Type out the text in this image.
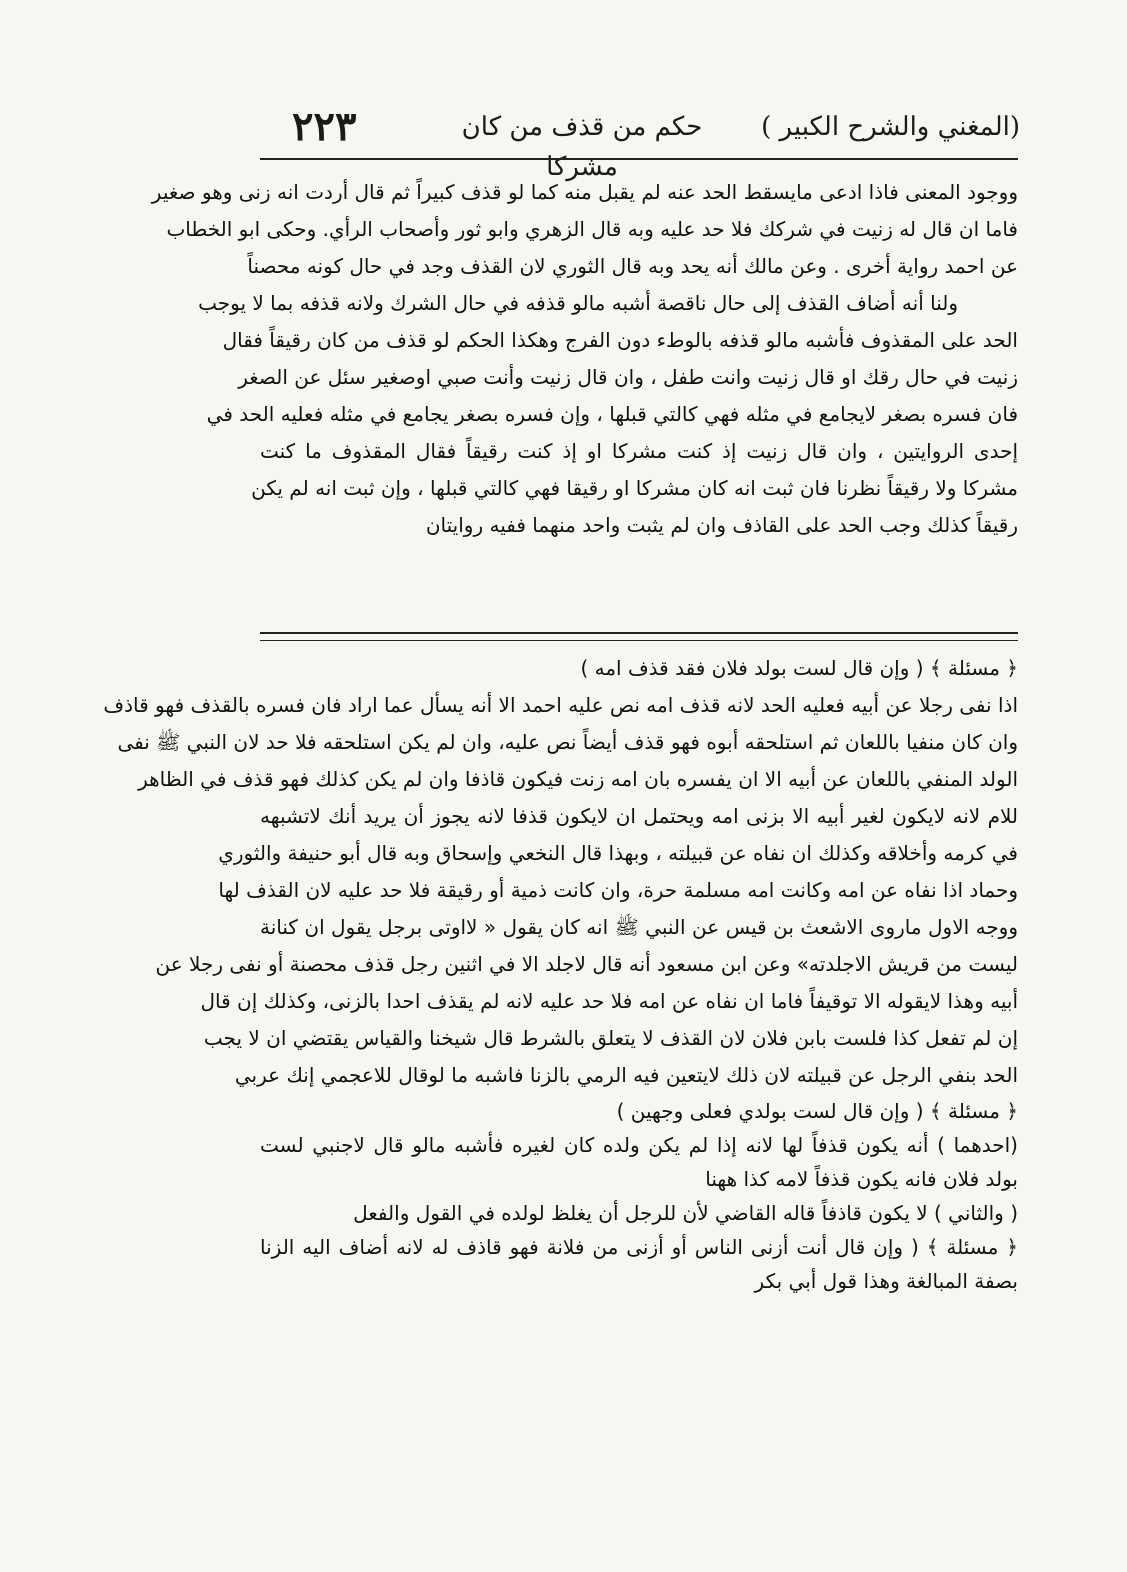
٢٢٣	حكم من قذف من كان مشركا
(المغني والشرح الكبير )
ووجود المعنى فاذا ادعى مايسقط الحد عنه لم يقبل منه كما لو قذف كبيراً ثم قال أردت انه زنى وهو صغير
فاما ان قال له زنيت في شركك فلا حد عليه وبه قال الزهري وابو ثور وأصحاب الرأي. وحكى ابو الخطاب
عن احمد رواية أخرى . وعن مالك أنه يحد وبه قال الثوري لان القذف وجد في حال كونه محصناً
ولنا أنه أضاف القذف إلى حال ناقصة أشبه مالو قذفه في حال الشرك ولانه قذفه بما لا يوجب
الحد على المقذوف فأشبه مالو قذفه بالوطء دون الفرج وهكذا الحكم لو قذف من كان رقيقاً فقال
زنيت في حال رقك او قال زنيت وانت طفل ، وان قال زنيت وأنت صبي اوصغير سئل عن الصغر
فان فسره بصغر لايجامع في مثله فهي كالتي قبلها ، وإن فسره بصغر يجامع في مثله فعليه الحد في
إحدى الروايتين ، وان قال زنيت إذ كنت مشركا او إذ كنت رقيقاً فقال المقذوف ما كنت
مشركا ولا رقيقاً نظرنا فان ثبت انه كان مشركا او رقيقا فهي كالتي قبلها ، وإن ثبت انه لم يكن
رقيقاً كذلك وجب الحد على القاذف وان لم يثبت واحد منهما ففيه روايتان
﴿ مسئلة ﴾ ( وإن قال لست بولد فلان فقد قذف امه )
اذا نفى رجلا عن أبيه فعليه الحد لانه قذف امه نص عليه احمد الا أنه يسأل عما اراد فان فسره بالقذف فهو قاذف
وان كان منفيا باللعان ثم استلحقه أبوه فهو قذف أيضاً نص عليه، وان لم يكن استلحقه فلا حد لان النبي ﷺ نفى
الولد المنفي باللعان عن أبيه الا ان يفسره بان امه زنت فيكون قاذفا وان لم يكن كذلك فهو قذف في الظاهر
للام لانه لايكون لغير أبيه الا بزنى امه ويحتمل ان لايكون قذفا لانه يجوز أن يريد أنك لاتشبهه
في كرمه وأخلاقه وكذلك ان نفاه عن قبيلته ، وبهذا قال النخعي وإسحاق وبه قال أبو حنيفة والثوري
وحماد اذا نفاه عن امه وكانت امه مسلمة حرة، وان كانت ذمية أو رقيقة فلا حد عليه لان القذف لها
ووجه الاول ماروى الاشعث بن قيس عن النبي ﷺ انه كان يقول « لااوتى برجل يقول ان كنانة
ليست من قريش الاجلدته» وعن ابن مسعود أنه قال لاجلد الا في اثنين رجل قذف محصنة أو نفى رجلا عن
أبيه وهذا لايقوله الا توقيفاً فاما ان نفاه عن امه فلا حد عليه لانه لم يقذف احدا بالزنى، وكذلك إن قال
إن لم تفعل كذا فلست بابن فلان لان القذف لا يتعلق بالشرط قال شيخنا والقياس يقتضي ان لا يجب
الحد بنفي الرجل عن قبيلته لان ذلك لايتعين فيه الرمي بالزنا فاشبه ما لوقال للاعجمي إنك عربي
﴿ مسئلة ﴾ ( وإن قال لست بولدي فعلى وجهين )
(احدهما ) أنه يكون قذفاً لها لانه إذا لم يكن ولده كان لغيره فأشبه مالو قال لاجنبي لست
بولد فلان فانه يكون قذفاً لامه كذا ههنا
( والثاني ) لا يكون قاذفاً قاله القاضي لأن للرجل أن يغلظ لولده في القول والفعل
﴿ مسئلة ﴾ ( وإن قال أنت أزنى الناس أو أزنى من فلانة فهو قاذف له لانه أضاف اليه الزنا
بصفة المبالغة وهذا قول أبي بكر
